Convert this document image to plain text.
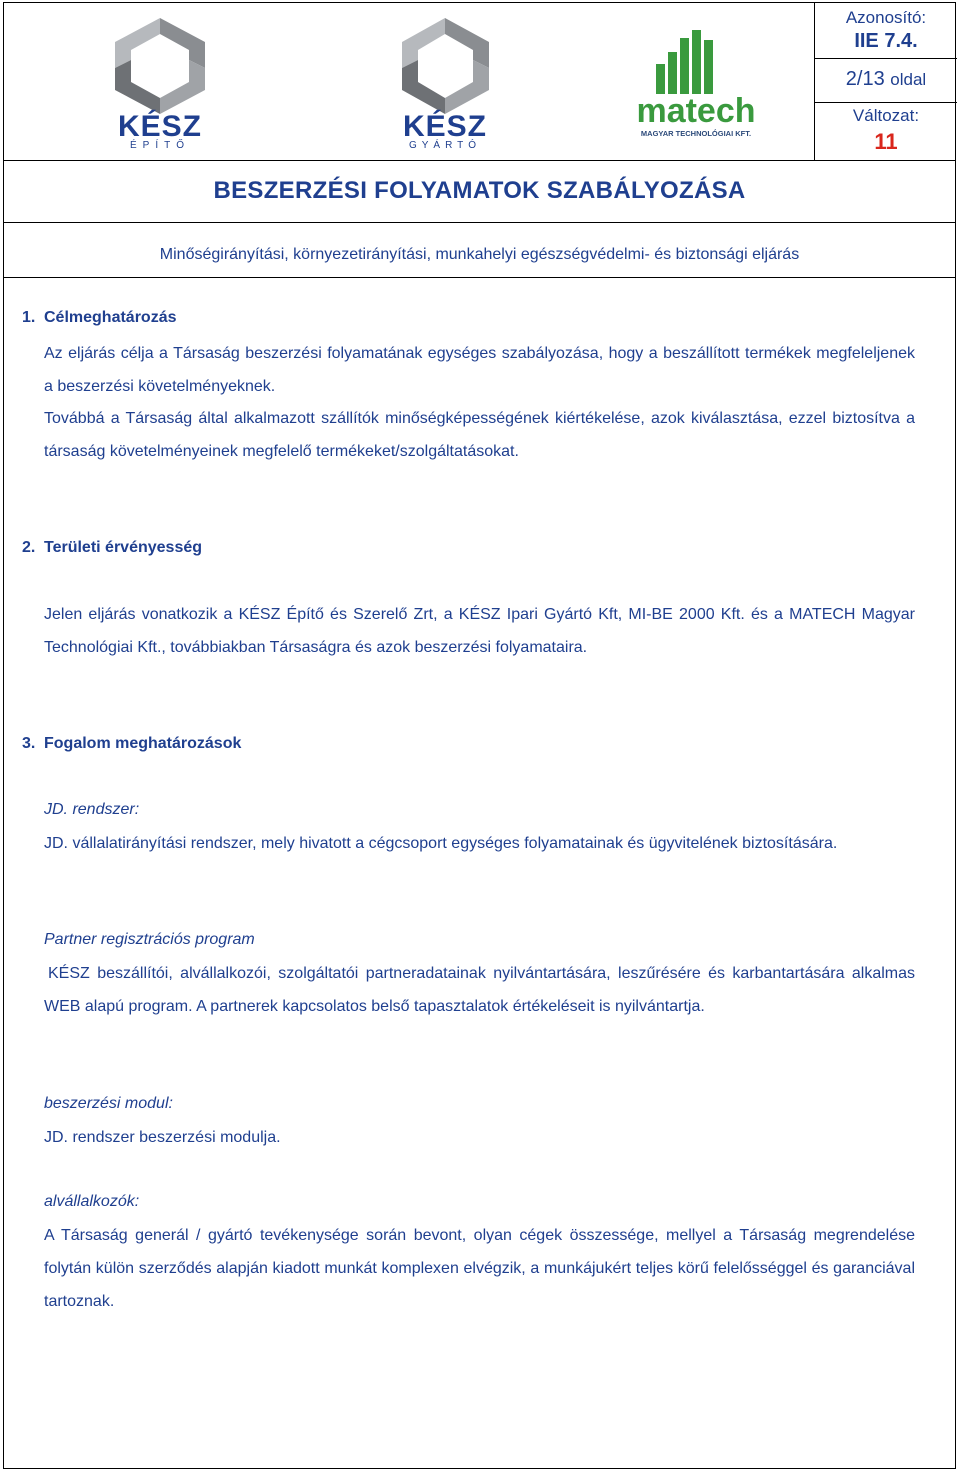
Azonosító:
IIE 7.4.
2/13 oldal
Változat:
11
KÉSZ
ÉPÍTŐ
KÉSZ
GYÁRTÓ
matech
MAGYAR TECHNOLÓGIAI KFT.
BESZERZÉSI FOLYAMATOK SZABÁLYOZÁSA
Minőségirányítási, környezetirányítási, munkahelyi egészségvédelmi- és biztonsági eljárás
1. Célmeghatározás
Az eljárás célja a Társaság beszerzési folyamatának egységes szabályozása, hogy a beszállított termékek megfeleljenek a beszerzési követelményeknek.
Továbbá a Társaság által alkalmazott szállítók minőségképességének kiértékelése, azok kiválasztása, ezzel biztosítva a társaság követelményeinek megfelelő termékeket/szolgáltatásokat.
2. Területi érvényesség
Jelen eljárás vonatkozik a KÉSZ Építő és Szerelő Zrt, a KÉSZ Ipari Gyártó Kft, MI-BE 2000 Kft. és a MATECH Magyar Technológiai Kft., továbbiakban Társaságra és azok beszerzési folyamataira.
3. Fogalom meghatározások
JD. rendszer:
JD. vállalatirányítási rendszer, mely hivatott a cégcsoport egységes folyamatainak és ügyvitelének biztosítására.
Partner regisztrációs program
KÉSZ beszállítói, alvállalkozói, szolgáltatói partneradatainak nyilvántartására, leszűrésére és karbantartására alkalmas WEB alapú program. A partnerek kapcsolatos belső tapasztalatok értékeléseit is nyilvántartja.
beszerzési modul:
JD. rendszer beszerzési modulja.
alvállalkozók:
A Társaság generál / gyártó tevékenysége során bevont, olyan cégek összessége, mellyel a Társaság megrendelése folytán külön szerződés alapján kiadott munkát komplexen elvégzik, a munkájukért teljes körű felelősséggel és garanciával tartoznak.
